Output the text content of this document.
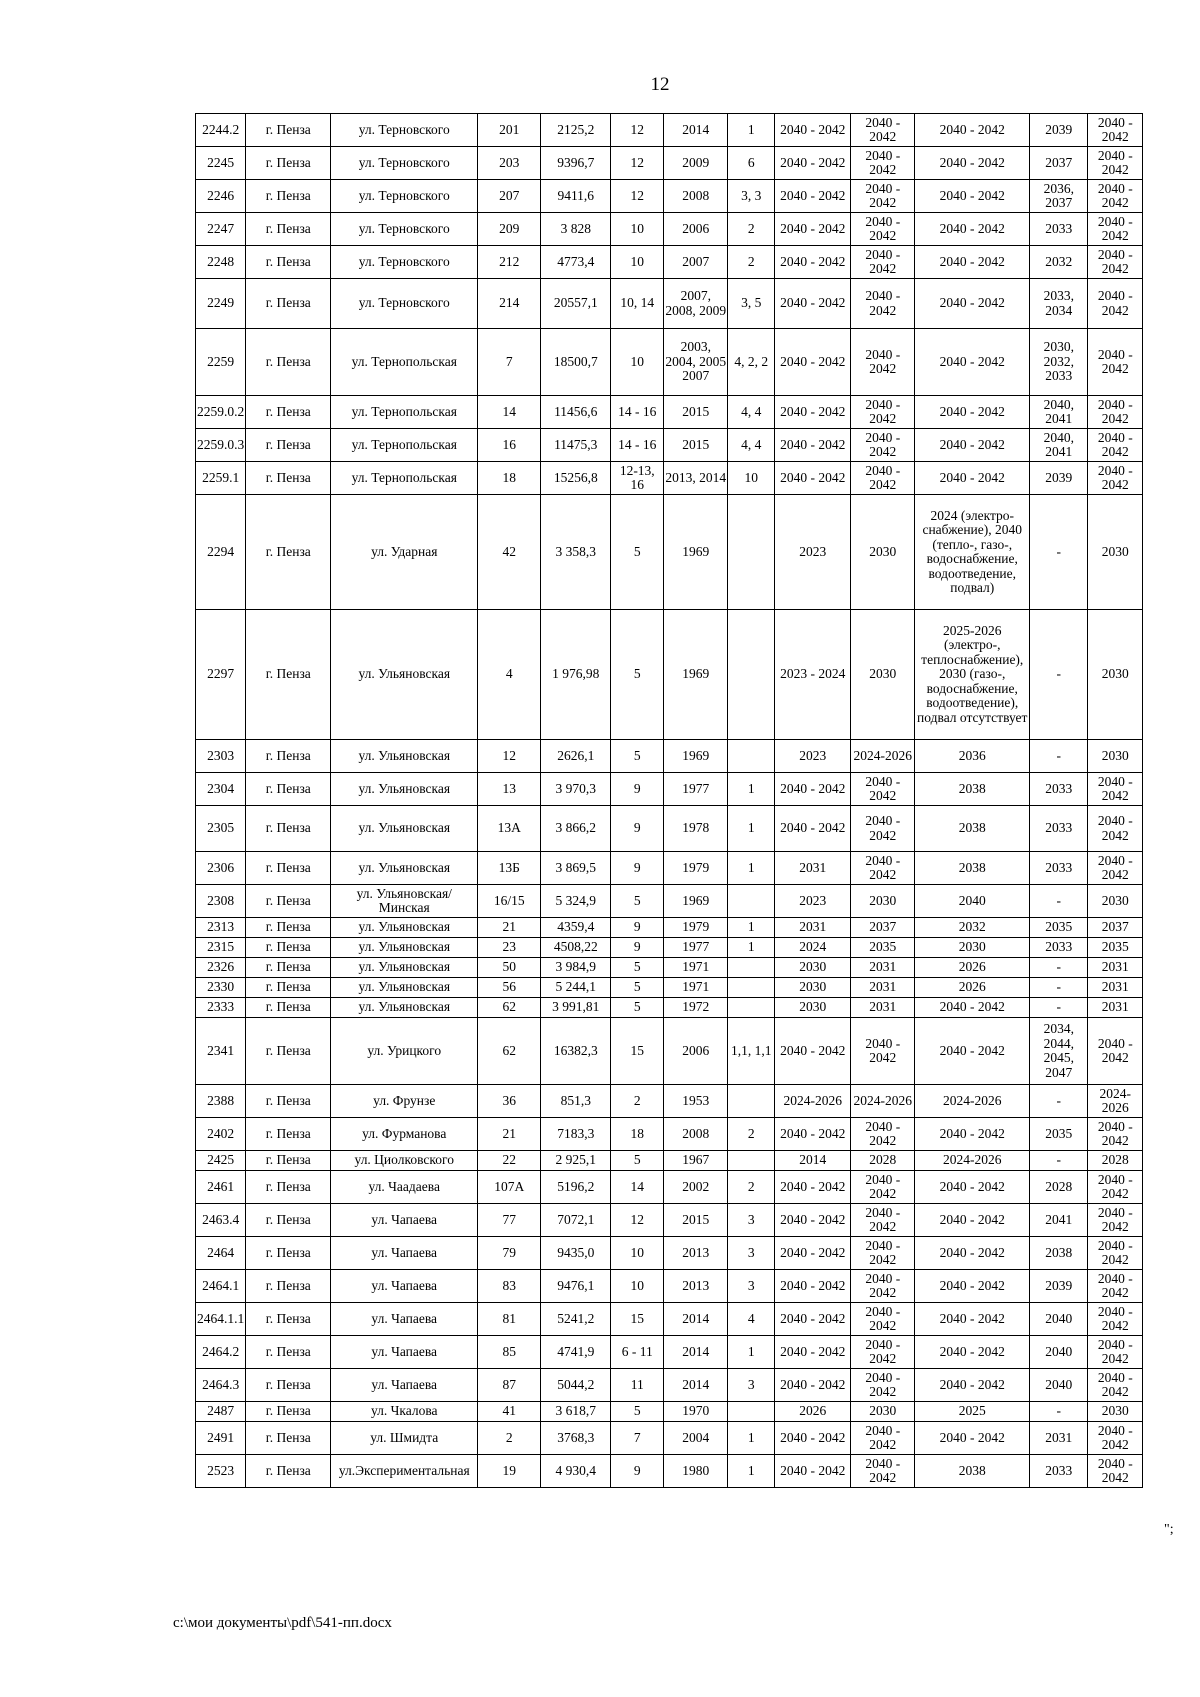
12
2244.2	г. Пенза	ул. Терновского	201	2125,2	12	2014	1	2040 - 2042	2040 - 2042	2040 - 2042	2039	2040 - 2042
2245	г. Пенза	ул. Терновского	203	9396,7	12	2009	6	2040 - 2042	2040 - 2042	2040 - 2042	2037	2040 - 2042
2246	г. Пенза	ул. Терновского	207	9411,6	12	2008	3, 3	2040 - 2042	2040 - 2042	2040 - 2042	2036, 2037	2040 - 2042
2247	г. Пенза	ул. Терновского	209	3 828	10	2006	2	2040 - 2042	2040 - 2042	2040 - 2042	2033	2040 - 2042
2248	г. Пенза	ул. Терновского	212	4773,4	10	2007	2	2040 - 2042	2040 - 2042	2040 - 2042	2032	2040 - 2042
2249	г. Пенза	ул. Терновского	214	20557,1	10, 14	2007, 2008, 2009	3, 5	2040 - 2042	2040 - 2042	2040 - 2042	2033, 2034	2040 - 2042
2259	г. Пенза	ул. Тернопольская	7	18500,7	10	2003, 2004, 2005 2007	4, 2, 2	2040 - 2042	2040 - 2042	2040 - 2042	2030, 2032, 2033	2040 - 2042
2259.0.2	г. Пенза	ул. Тернопольская	14	11456,6	14 - 16	2015	4, 4	2040 - 2042	2040 - 2042	2040 - 2042	2040, 2041	2040 - 2042
2259.0.3	г. Пенза	ул. Тернопольская	16	11475,3	14 - 16	2015	4, 4	2040 - 2042	2040 - 2042	2040 - 2042	2040, 2041	2040 - 2042
2259.1	г. Пенза	ул. Тернопольская	18	15256,8	12-13, 16	2013, 2014	10	2040 - 2042	2040 - 2042	2040 - 2042	2039	2040 - 2042
2294	г. Пенза	ул. Ударная	42	3 358,3	5	1969		2023	2030	2024 (электро-снабжение), 2040 (тепло-, газо-, водоснабжение, водоотведение, подвал)	-	2030
2297	г. Пенза	ул. Ульяновская	4	1 976,98	5	1969		2023 - 2024	2030	2025-2026 (электро-, теплоснабжение), 2030 (газо-, водоснабжение, водоотведение), подвал отсутствует	-	2030
2303	г. Пенза	ул. Ульяновская	12	2626,1	5	1969		2023	2024-2026	2036	-	2030
2304	г. Пенза	ул. Ульяновская	13	3 970,3	9	1977	1	2040 - 2042	2040 - 2042	2038	2033	2040 - 2042
2305	г. Пенза	ул. Ульяновская	13А	3 866,2	9	1978	1	2040 - 2042	2040 - 2042	2038	2033	2040 - 2042
2306	г. Пенза	ул. Ульяновская	13Б	3 869,5	9	1979	1	2031	2040 - 2042	2038	2033	2040 - 2042
2308	г. Пенза	ул. Ульяновская/ Минская	16/15	5 324,9	5	1969		2023	2030	2040	-	2030
2313	г. Пенза	ул. Ульяновская	21	4359,4	9	1979	1	2031	2037	2032	2035	2037
2315	г. Пенза	ул. Ульяновская	23	4508,22	9	1977	1	2024	2035	2030	2033	2035
2326	г. Пенза	ул. Ульяновская	50	3 984,9	5	1971		2030	2031	2026	-	2031
2330	г. Пенза	ул. Ульяновская	56	5 244,1	5	1971		2030	2031	2026	-	2031
2333	г. Пенза	ул. Ульяновская	62	3 991,81	5	1972		2030	2031	2040 - 2042	-	2031
2341	г. Пенза	ул. Урицкого	62	16382,3	15	2006	1,1, 1,1	2040 - 2042	2040 - 2042	2040 - 2042	2034, 2044, 2045, 2047	2040 - 2042
2388	г. Пенза	ул. Фрунзе	36	851,3	2	1953		2024-2026	2024-2026	2024-2026	-	2024-2026
2402	г. Пенза	ул. Фурманова	21	7183,3	18	2008	2	2040 - 2042	2040 - 2042	2040 - 2042	2035	2040 - 2042
2425	г. Пенза	ул. Циолковского	22	2 925,1	5	1967		2014	2028	2024-2026	-	2028
2461	г. Пенза	ул. Чаадаева	107А	5196,2	14	2002	2	2040 - 2042	2040 - 2042	2040 - 2042	2028	2040 - 2042
2463.4	г. Пенза	ул. Чапаева	77	7072,1	12	2015	3	2040 - 2042	2040 - 2042	2040 - 2042	2041	2040 - 2042
2464	г. Пенза	ул. Чапаева	79	9435,0	10	2013	3	2040 - 2042	2040 - 2042	2040 - 2042	2038	2040 - 2042
2464.1	г. Пенза	ул. Чапаева	83	9476,1	10	2013	3	2040 - 2042	2040 - 2042	2040 - 2042	2039	2040 - 2042
2464.1.1	г. Пенза	ул. Чапаева	81	5241,2	15	2014	4	2040 - 2042	2040 - 2042	2040 - 2042	2040	2040 - 2042
2464.2	г. Пенза	ул. Чапаева	85	4741,9	6 - 11	2014	1	2040 - 2042	2040 - 2042	2040 - 2042	2040	2040 - 2042
2464.3	г. Пенза	ул. Чапаева	87	5044,2	11	2014	3	2040 - 2042	2040 - 2042	2040 - 2042	2040	2040 - 2042
2487	г. Пенза	ул. Чкалова	41	3 618,7	5	1970		2026	2030	2025	-	2030
2491	г. Пенза	ул. Шмидта	2	3768,3	7	2004	1	2040 - 2042	2040 - 2042	2040 - 2042	2031	2040 - 2042
2523	г. Пенза	ул.Экспериментальная	19	4 930,4	9	1980	1	2040 - 2042	2040 - 2042	2038	2033	2040 - 2042
";
c:\мои документы\pdf\541-пп.docx
